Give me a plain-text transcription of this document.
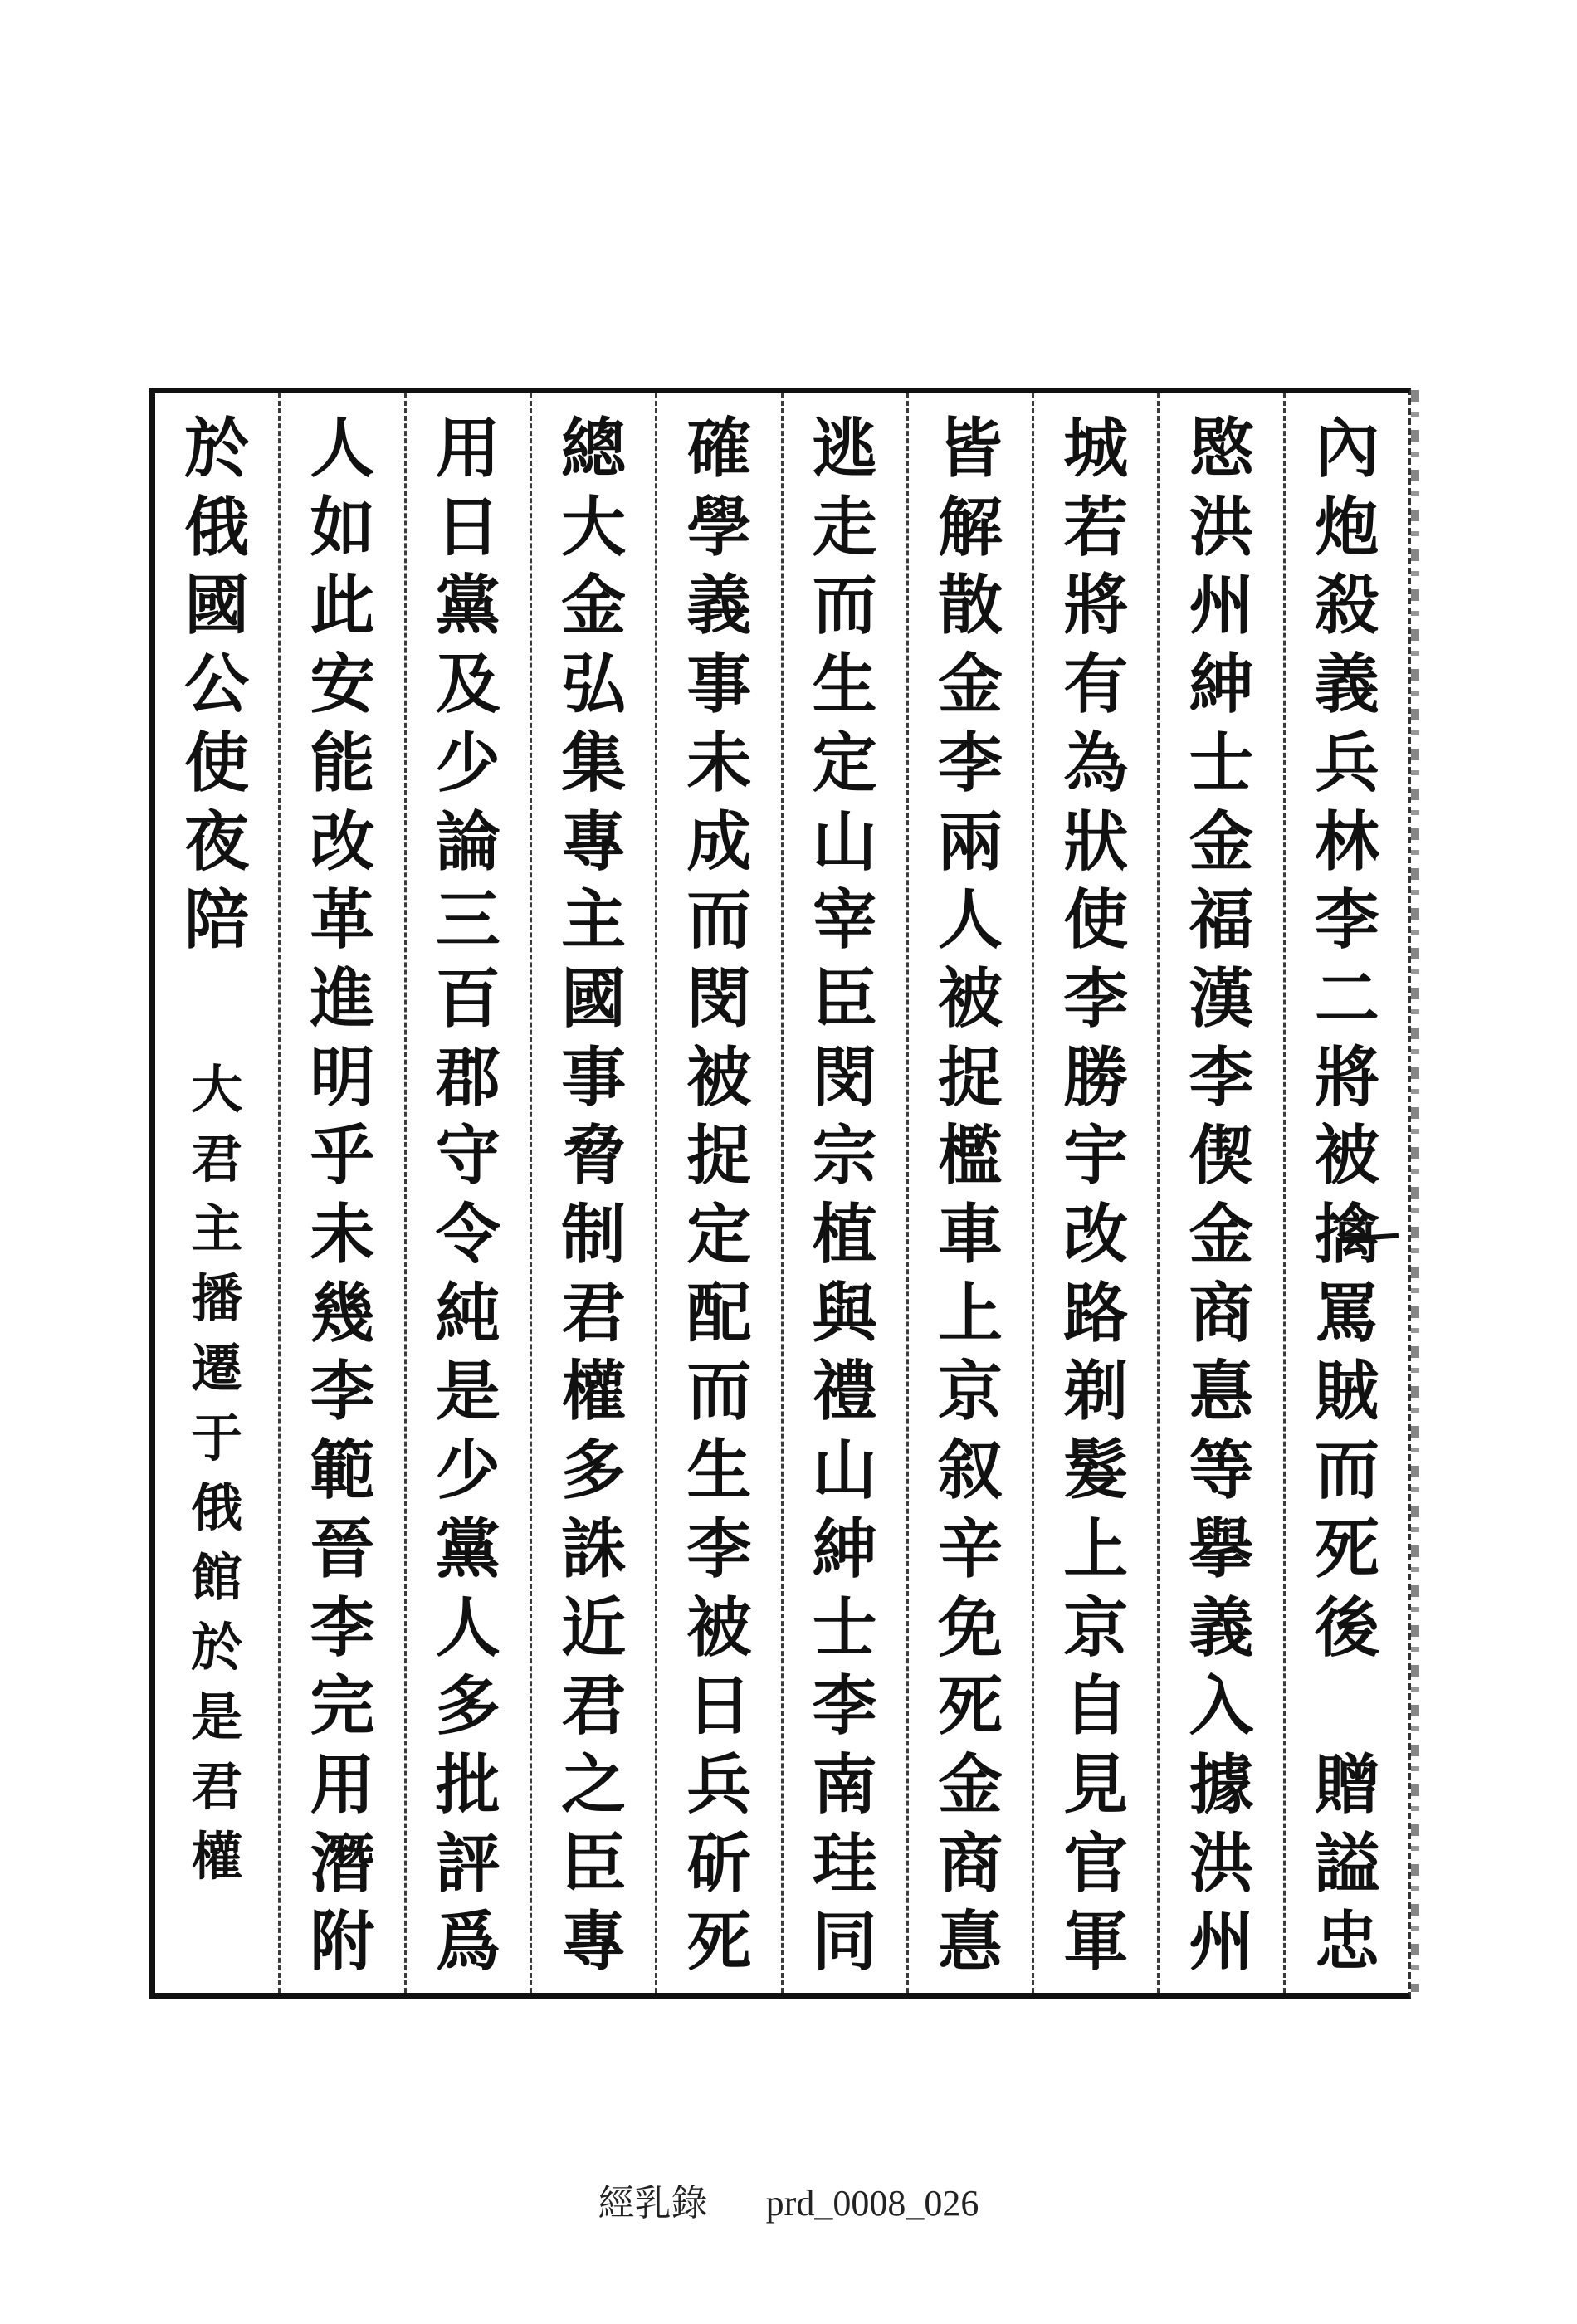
內
炮
殺
義
兵
林
李
二
將
被
擒
罵
賊
而
死
後

贈
謚
忠
愍
洪
州
紳
士
金
福
漢
李
偰
金
商
惪
等
擧
義
入
據
洪
州
城
若
將
有
為
狀
使
李
勝
宇
改
路
剃
髮
上
京
自
見
官
軍
皆
解
散
金
李
兩
人
被
捉
檻
車
上
京
叙
辛
免
死
金
商
惪
逃
走
而
生
定
山
宰
臣
閔
宗
植
與
禮
山
紳
士
李
南
珪
同
確
學
義
事
未
成
而
閔
被
捉
定
配
而
生
李
被
日
兵
斫
死
總
大
金
弘
集
專
主
國
事
脅
制
君
權
多
誅
近
君
之
臣
專
用
日
黨
及
少
論
三
百
郡
守
令
純
是
少
黨
人
多
批
評
爲
人
如
此
安
能
改
革
進
明
乎
未
幾
李
範
晉
李
完
用
潛
附
於
俄
國
公
使
夜
陪
大
君
主
播
遷
于
俄
館
於
是
君
權
經乳錄 prd_0008_026
